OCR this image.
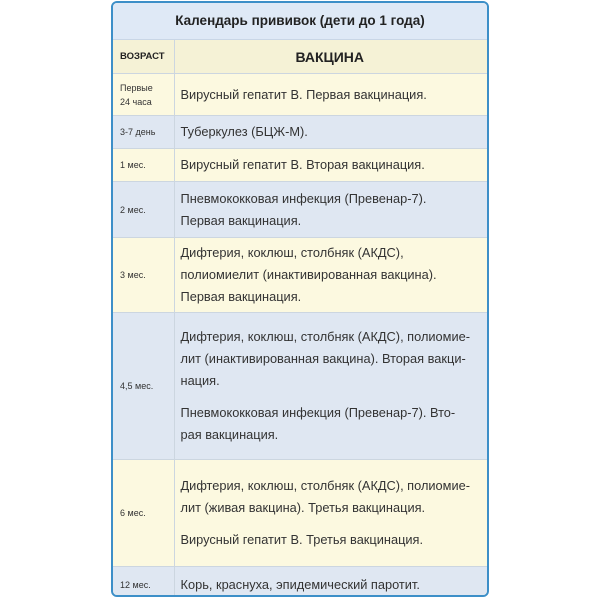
Календарь прививок (дети до 1 года)
ВОЗРАСТ	ВАКЦИНА

Первые
24 часа	Вирусный гепатит В. Первая вакцинация.

3-7 день	Туберкулез (БЦЖ-М).

1 мес.	Вирусный гепатит В. Вторая вакцинация.

2 мес.	Пневмококковая инфекция (Превенар-7).
Первая вакцинация.

3 мес.	Дифтерия, коклюш, столбняк (АКДС),
полиомиелит (инактивированная вакцина).
Первая вакцинация.

4,5 мес.	Дифтерия, коклюш, столбняк (АКДС), полиомие-
лит (инактивированная вакцина). Вторая вакци-
нация.
Пневмококковая инфекция (Превенар-7). Вто-
рая вакцинация.

6 мес.	Дифтерия, коклюш, столбняк (АКДС), полиомие-
лит (живая вакцина). Третья вакцинация.
Вирусный гепатит В. Третья вакцинация.

12 мес.	Корь, краснуха, эпидемический паротит.
